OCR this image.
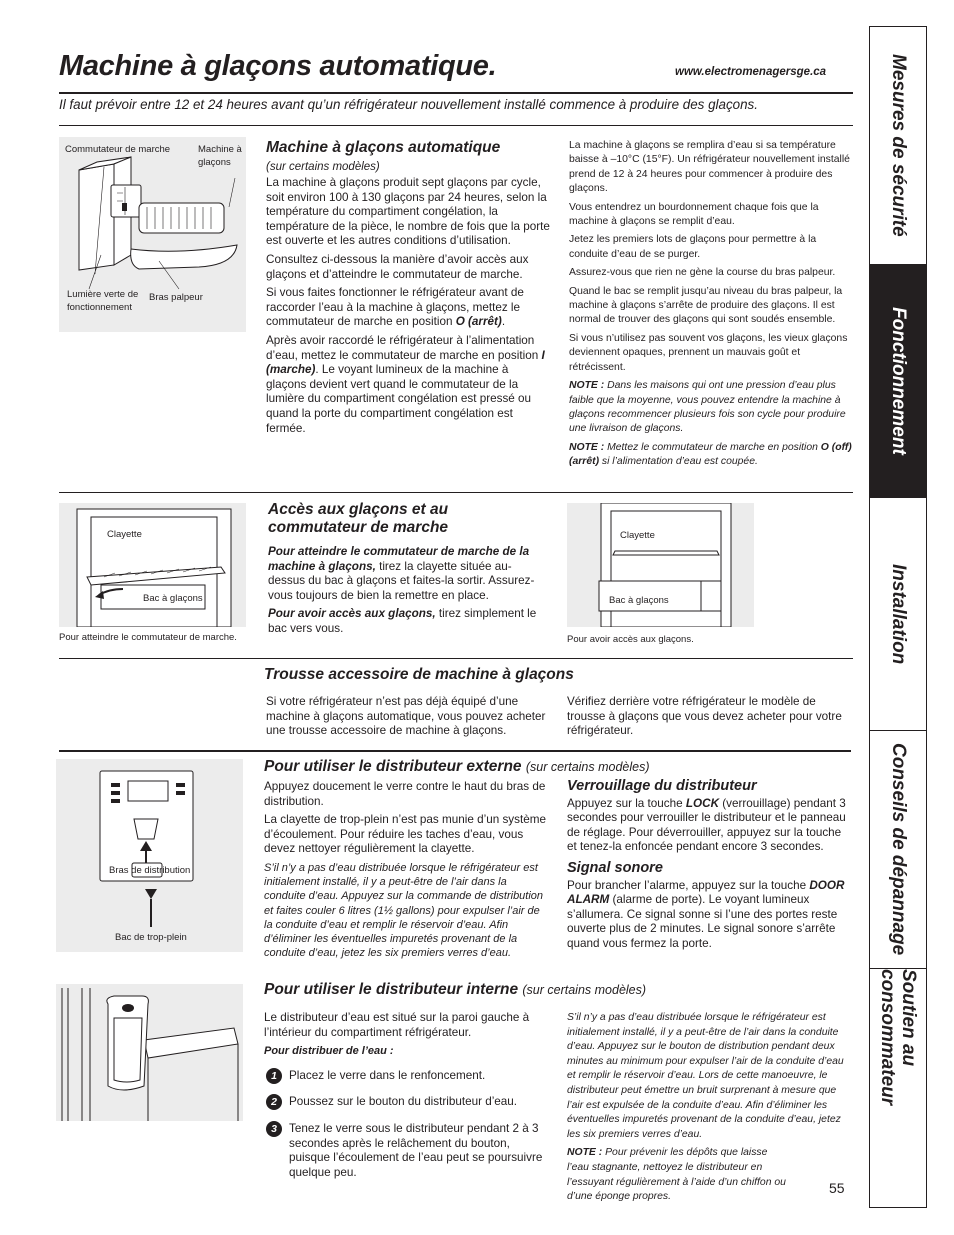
Machine à glaçons automatique.	www.electromenagersge.ca
Il faut prévoir entre 12 et 24 heures avant qu’un réfrigérateur nouvellement installé commence à produire des glaçons.
Commutateur de marche	Machine à glaçons
Lumière verte de fonctionnement
Bras palpeur
Machine à glaçons automatique
(sur certains modèles)

La machine à glaçons produit sept glaçons par cycle, soit environ 100 à 130 glaçons par 24 heures, selon la température du compartiment congélation, la température de la pièce, le nombre de fois que la porte est ouverte et les autres conditions d’utilisation.

Consultez ci-dessous la manière d’avoir accès aux glaçons et d’atteindre le commutateur de marche.

Si vous faites fonctionner le réfrigérateur avant de raccorder l’eau à la machine à glaçons, mettez le commutateur de marche en position O (arrêt).

Après avoir raccordé le réfrigérateur à l’alimentation d’eau, mettez le commutateur de marche en position I (marche). Le voyant lumineux de la machine à glaçons devient vert quand le commutateur de la lumière du compartiment congélation est pressé ou quand la porte du compartiment congélation est fermée.

La machine à glaçons se remplira d’eau si sa température baisse à –10°C (15°F). Un réfrigérateur nouvellement installé prend de 12 à 24 heures pour commencer à produire des glaçons.

Vous entendrez un bourdonnement chaque fois que la machine à glaçons se remplit d’eau.

Jetez les premiers lots de glaçons pour permettre à la conduite d’eau de se purger.

Assurez-vous que rien ne gène la course du bras palpeur.

Quand le bac se remplit jusqu’au niveau du bras palpeur, la machine à glaçons s’arrête de produire des glaçons. Il est normal de trouver des glaçons qui sont soudés ensemble.

Si vous n’utilisez pas souvent vos glaçons, les vieux glaçons deviennent opaques, prennent un mauvais goût et rétrécissent.

NOTE : Dans les maisons qui ont une pression d’eau plus faible que la moyenne, vous pouvez entendre la machine à glaçons recommencer plusieurs fois son cycle pour produire une livraison de glaçons.

NOTE : Mettez le commutateur de marche en position O (off) (arrêt) si l’alimentation d’eau est coupée.

Clayette
Bac à glaçons
Pour atteindre le commutateur de marche.
Accès aux glaçons et au commutateur de marche

Pour atteindre le commutateur de marche de la machine à glaçons, tirez la clayette située au-dessus du bac à glaçons et faites-la sortir. Assurez-vous toujours de bien la remettre en place.

Pour avoir accès aux glaçons, tirez simplement le bac vers vous.

Clayette
Bac à glaçons
Pour avoir accès aux glaçons.
Trousse accessoire de machine à glaçons
Si votre réfrigérateur n’est pas déjà équipé d’une machine à glaçons automatique, vous pouvez acheter une trousse accessoire de machine à glaçons.
Vérifiez derrière votre réfrigérateur le modèle de trousse à glaçons que vous devez acheter pour votre réfrigérateur.
Bras de distribution
Bac de trop-plein
Pour utiliser le distributeur externe (sur certains modèles)

Appuyez doucement le verre contre le haut du bras de distribution.

La clayette de trop-plein n’est pas munie d’un système d’écoulement. Pour réduire les taches d’eau, vous devez nettoyer régulièrement la clayette.

S’il n’y a pas d’eau distribuée lorsque le réfrigérateur est initialement installé, il y a peut-être de l’air dans la conduite d’eau. Appuyez sur la commande de distribution et faites couler 6 litres (1½ gallons) pour expulser l’air de la conduite d’eau et remplir le réservoir d’eau. Afin d’éliminer les éventuelles impuretés provenant de la conduite d’eau, jetez les six premiers verres d’eau.

Verrouillage du distributeur

Appuyez sur la touche LOCK (verrouillage) pendant 3 secondes pour verrouiller le distributeur et le panneau de réglage. Pour déverrouiller, appuyez sur la touche et tenez-la enfoncée pendant encore 3 secondes.

Signal sonore

Pour brancher l’alarme, appuyez sur la touche DOOR ALARM (alarme de porte). Le voyant lumineux s’allumera. Ce signal sonne si l’une des portes reste ouverte plus de 2 minutes. Le signal sonore s’arrête quand vous fermez la porte.

Pour utiliser le distributeur interne (sur certains modèles)

Le distributeur d’eau est situé sur la paroi gauche à l’intérieur du compartiment réfrigérateur.

Pour distribuer de l’eau :

1	Placez le verre dans le renfoncement.
2	Poussez sur le bouton du distributeur d’eau.
3	Tenez le verre sous le distributeur pendant 2 à 3 secondes après le relâchement du bouton, puisque l’écoulement de l’eau peut se poursuivre quelque peu.

S’il n’y a pas d’eau distribuée lorsque le réfrigérateur est initialement installé, il y a peut-être de l’air dans la conduite d’eau. Appuyez sur le bouton de distribution pendant deux minutes au minimum pour expulser l’air de la conduite d’eau et remplir le réservoir d’eau. Lors de cette manoeuvre, le distributeur peut émettre un bruit surprenant à mesure que l’air est expulsée de la conduite d’eau. Afin d’éliminer les éventuelles impuretés provenant de la conduite d’eau, jetez les six premiers verres d’eau.

NOTE : Pour prévenir les dépôts que laisse l’eau stagnante, nettoyez le distributeur en l’essuyant régulièrement à l’aide d’un chiffon ou d’une éponge propres.

55
Mesures de sécurité
Fonctionnement
Installation
Conseils de dépannage
Soutien au consommateur
